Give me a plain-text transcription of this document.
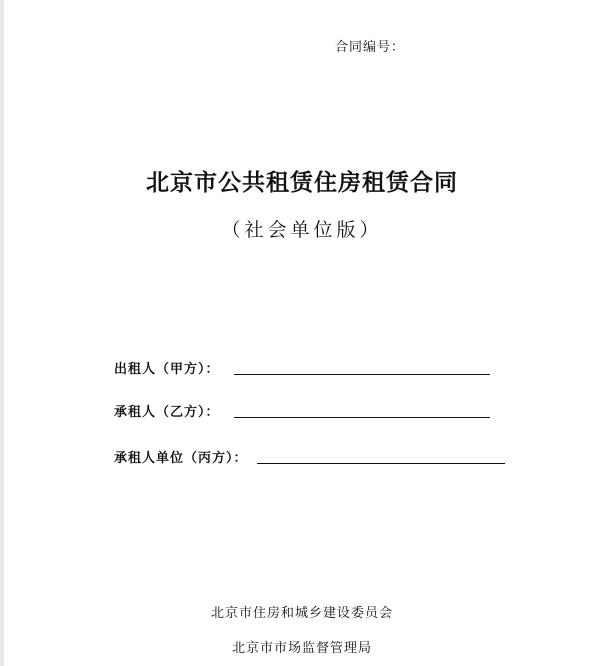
合同编号：
北京市公共租赁住房租赁合同
（社会单位版）
出租人（甲方）：
承租人（乙方）：
承租人单位（丙方）：
北京市住房和城乡建设委员会
北京市市场监督管理局
